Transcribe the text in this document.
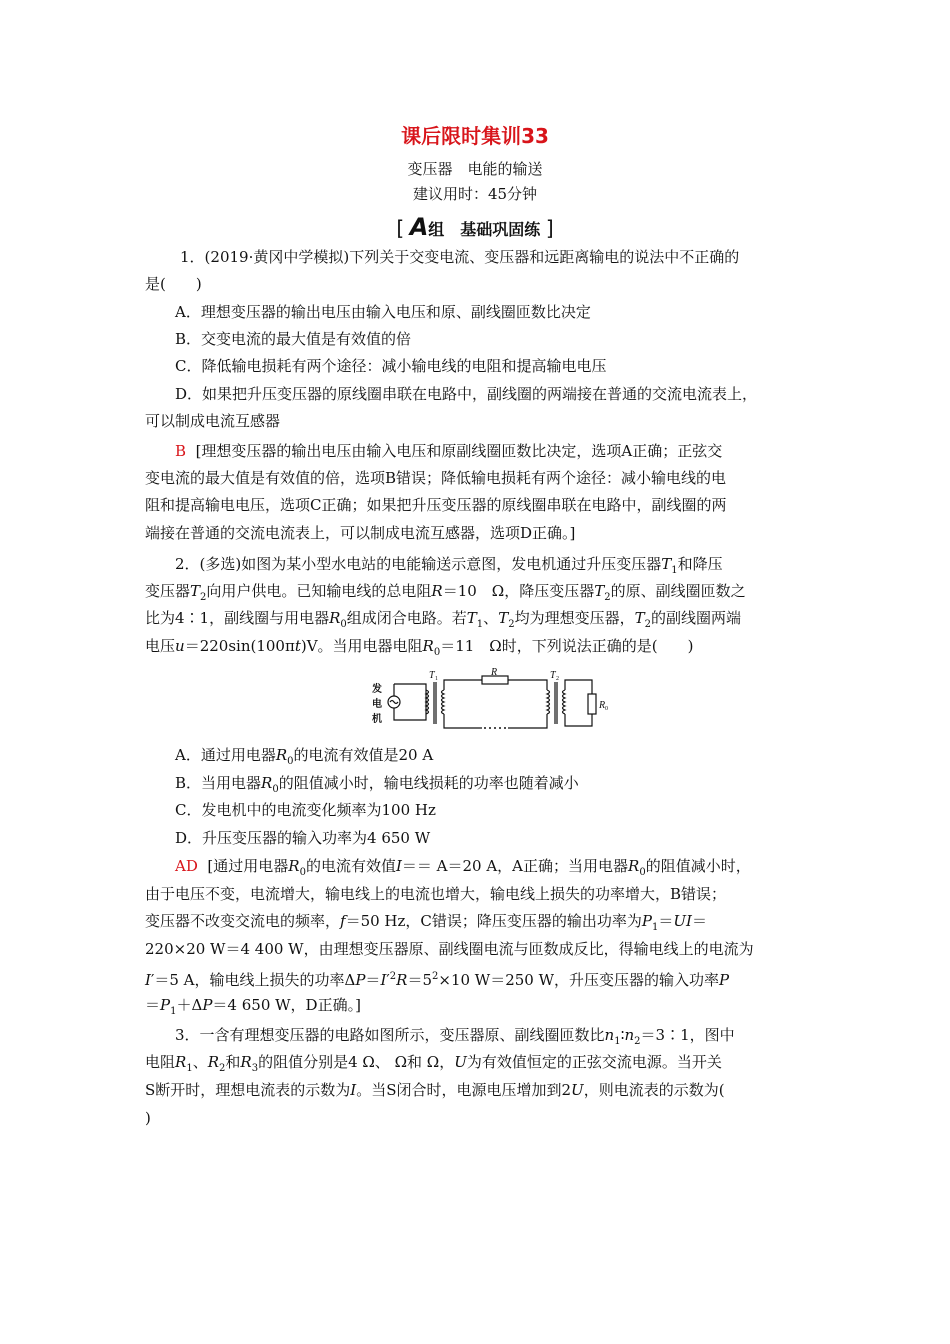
课后限时集训33
变压器　电能的输送
建议用时：45分钟
[ A组　基础巩固练 ]
1．(2019·黄冈中学模拟)下列关于交变电流、变压器和远距离输电的说法中不正确的
是(　　)
A．理想变压器的输出电压由输入电压和原、副线圈匝数比决定
B．交变电流的最大值是有效值的倍
C．降低输电损耗有两个途径：减小输电线的电阻和提高输电电压
D．如果把升压变压器的原线圈串联在电路中，副线圈的两端接在普通的交流电流表上，
可以制成电流互感器
B [理想变压器的输出电压由输入电压和原副线圈匝数比决定，选项A正确；正弦交
变电流的最大值是有效值的倍，选项B错误；降低输电损耗有两个途径：减小输电线的电
阻和提高输电电压，选项C正确；如果把升压变压器的原线圈串联在电路中，副线圈的两
端接在普通的交流电流表上，可以制成电流互感器，选项D正确。]
2．(多选)如图为某小型水电站的电能输送示意图，发电机通过升压变压器$T_1$和降压
变压器$T_2$向用户供电。已知输电线的总电阻R＝10　Ω，降压变压器$T_2$的原、副线圈匝数之
比为4∶1，副线圈与用电器$R_0$组成闭合电路。若$T_1$、$T_2$均为理想变压器，$T_2$的副线圈两端
电压u＝220sin(100πt)V。当用电器电阻$R_0=11$　Ω时，下列说法正确的是(　　)
发
电
机
T 1
R	T 2
R 0
A．通过用电器$R_0$的电流有效值是20 A
B．当用电器$R_0$的阻值减小时，输电线损耗的功率也随着减小
C．发电机中的电流变化频率为100 Hz
D．升压变压器的输入功率为4 650 W
AD [通过用电器$R_0$的电流有效值I＝＝ A＝20 A，A正确；当用电器$R_0$的阻值减小时，
由于电压不变，电流增大，输电线上的电流也增大，输电线上损失的功率增大，B错误；
变压器不改变交流电的频率，f＝50 Hz，C错误；降压变压器的输出功率为$P_1=UI=$
220×20 W＝4 400 W，由理想变压器原、副线圈电流与匝数成反比，得输电线上的电流为
I′＝5 A，输电线上损失的功率$\Delta P=I'^2R=5^2\times 10$ W＝250 W，升压变压器的输入功率P
$=P_1+\Delta P=4$ 650 W，D正确。]
3．一含有理想变压器的电路如图所示，变压器原、副线圈匝数比$n_1∶n_2=3∶1$，图中
电阻$R_1$、$R_2$和$R_3$的阻值分别是4 Ω、 Ω和 Ω，U为有效值恒定的正弦交流电源。当开关
S断开时，理想电流表的示数为I。当S闭合时，电源电压增加到2U，则电流表的示数为(
)
